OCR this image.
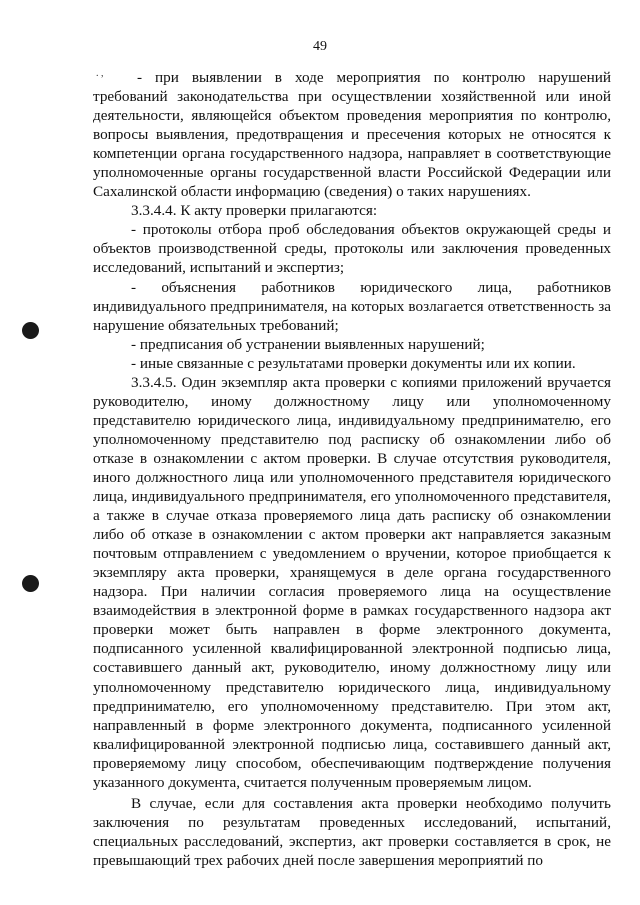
49
. ,	- при выявлении в ходе мероприятия по контролю нарушений требований законодательства при осуществлении хозяйственной или иной деятельности, являющейся объектом проведения мероприятия по контролю, вопросы выявления, предотвращения и пресечения которых не относятся к компетенции органа государственного надзора, направляет в соответствующие уполномоченные органы государственной власти Российской Федерации или Сахалинской области информацию (сведения) о таких нарушениях.

3.3.4.4. К акту проверки прилагаются:

- протоколы отбора проб обследования объектов окружающей среды и объектов производственной среды, протоколы или заключения проведенных исследований, испытаний и экспертиз;

- объяснения работников юридического лица, работников индивидуального предпринимателя, на которых возлагается ответственность за нарушение обязательных требований;

- предписания об устранении выявленных нарушений;

- иные связанные с результатами проверки документы или их копии.

3.3.4.5. Один экземпляр акта проверки с копиями приложений вручается руководителю, иному должностному лицу или уполномоченному представителю юридического лица, индивидуальному предпринимателю, его уполномоченному представителю под расписку об ознакомлении либо об отказе в ознакомлении с актом проверки. В случае отсутствия руководителя, иного должностного лица или уполномоченного представителя юридического лица, индивидуального предпринимателя, его уполномоченного представителя, а также в случае отказа проверяемого лица дать расписку об ознакомлении либо об отказе в ознакомлении с актом проверки акт направляется заказным почтовым отправлением с уведомлением о вручении, которое приобщается к экземпляру акта проверки, хранящемуся в деле органа государственного надзора. При наличии согласия проверяемого лица на осуществление взаимодействия в электронной форме в рамках государственного надзора акт проверки может быть направлен в форме электронного документа, подписанного усиленной квалифицированной электронной подписью лица, составившего данный акт, руководителю, иному должностному лицу или уполномоченному представителю юридического лица, индивидуальному предпринимателю, его уполномоченному представителю. При этом акт, направленный в форме электронного документа, подписанного усиленной квалифицированной электронной подписью лица, составившего данный акт, проверяемому лицу способом, обеспечивающим подтверждение получения указанного документа, считается полученным проверяемым лицом.

В случае, если для составления акта проверки необходимо получить заключения по результатам проведенных исследований, испытаний, специальных расследований, экспертиз, акт проверки составляется в срок, не превышающий трех рабочих дней после завершения мероприятий по
